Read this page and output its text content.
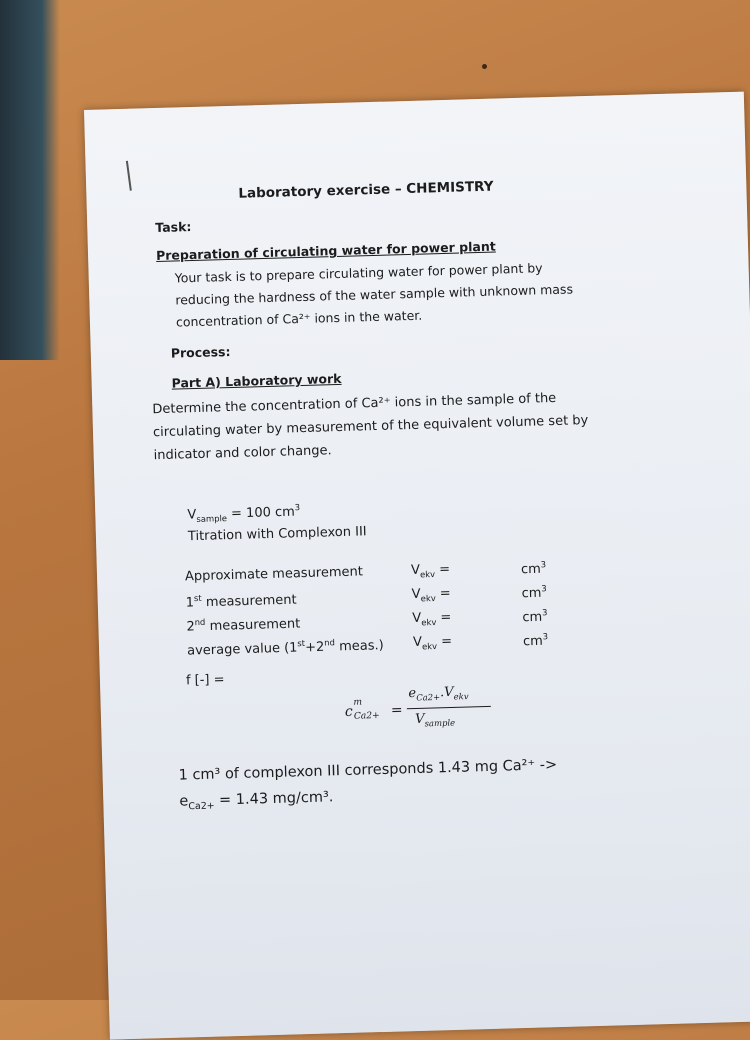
Laboratory exercise – CHEMISTRY
Task:
Preparation of circulating water for power plant
Your task is to prepare circulating water for power plant by
reducing the hardness of the water sample with unknown mass
concentration of Ca²⁺ ions in the water.
Process:
Part A) Laboratory work
Determine the concentration of Ca²⁺ ions in the sample of the
circulating water by measurement of the equivalent volume set by
indicator and color change.
$V_{sample} = 100$ $cm^3$
Titration with Complexon III
Approximate measurement	$V_{ekv}$ =	$cm^3$
1st measurement	$V_{ekv}$ =	$cm^3$
2nd measurement	$V_{ekv}$ =	$cm^3$
average value (1st+2nd meas.) $V_{ekv}$ =	$cm^3$
f [-] =
c
m
Ca2+ =
$e_{Ca2+}.V_{ekv}$
$V_{sample}$
1 cm³ of complexon III corresponds 1.43 mg Ca²⁺ ->
$e_{Ca2+} = 1.43$ mg/cm³.
